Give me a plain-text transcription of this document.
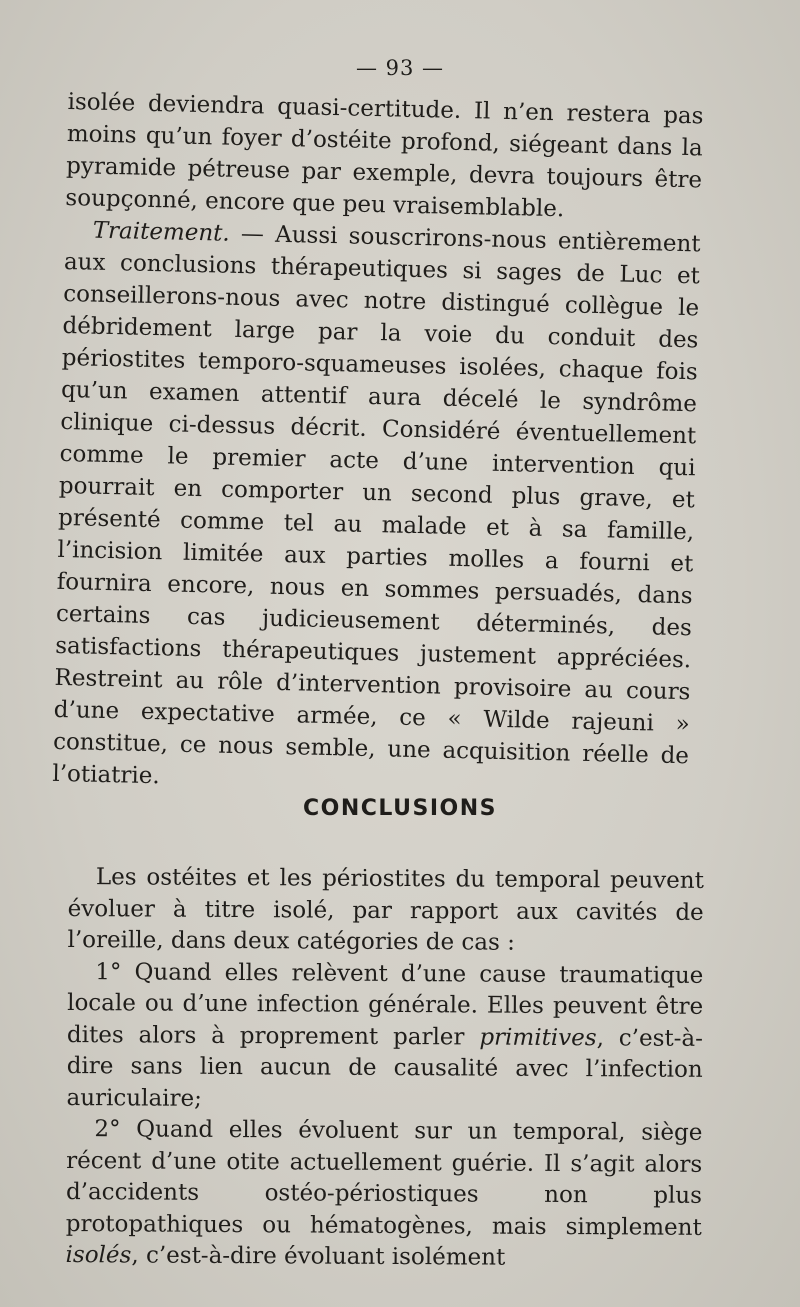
— 93 —

isolée deviendra quasi-certitude. Il n’en restera pas moins qu’un foyer d’ostéite profond, siégeant dans la pyramide pétreuse par exemple, devra toujours être soupçonné, encore que peu vraisemblable.

Traitement. — Aussi souscrirons-nous entièrement aux conclusions thérapeutiques si sages de Luc et conseillerons-nous avec notre distingué collègue le débridement large par la voie du conduit des périostites temporo-squameuses isolées, chaque fois qu’un examen attentif aura décelé le syndrôme clinique ci-dessus décrit. Considéré éventuellement comme le premier acte d’une intervention qui pourrait en comporter un second plus grave, et présenté comme tel au malade et à sa famille, l’incision limitée aux parties molles a fourni et fournira encore, nous en sommes persuadés, dans certains cas judicieusement déterminés, des satisfactions thérapeutiques justement appréciées. Restreint au rôle d’intervention provisoire au cours d’une expectative armée, ce « Wilde rajeuni » constitue, ce nous semble, une acquisition réelle de l’otiatrie.

CONCLUSIONS

Les ostéites et les périostites du temporal peuvent évoluer à titre isolé, par rapport aux cavités de l’oreille, dans deux catégories de cas :

1° Quand elles relèvent d’une cause traumatique locale ou d’une infection générale. Elles peuvent être dites alors à proprement parler primitives, c’est-à-dire sans lien aucun de causalité avec l’infection auriculaire;

2° Quand elles évoluent sur un temporal, siège récent d’une otite actuellement guérie. Il s’agit alors d’accidents ostéo-périostiques non plus protopathiques ou hématogènes, mais simplement isolés, c’est-à-dire évoluant isolément
